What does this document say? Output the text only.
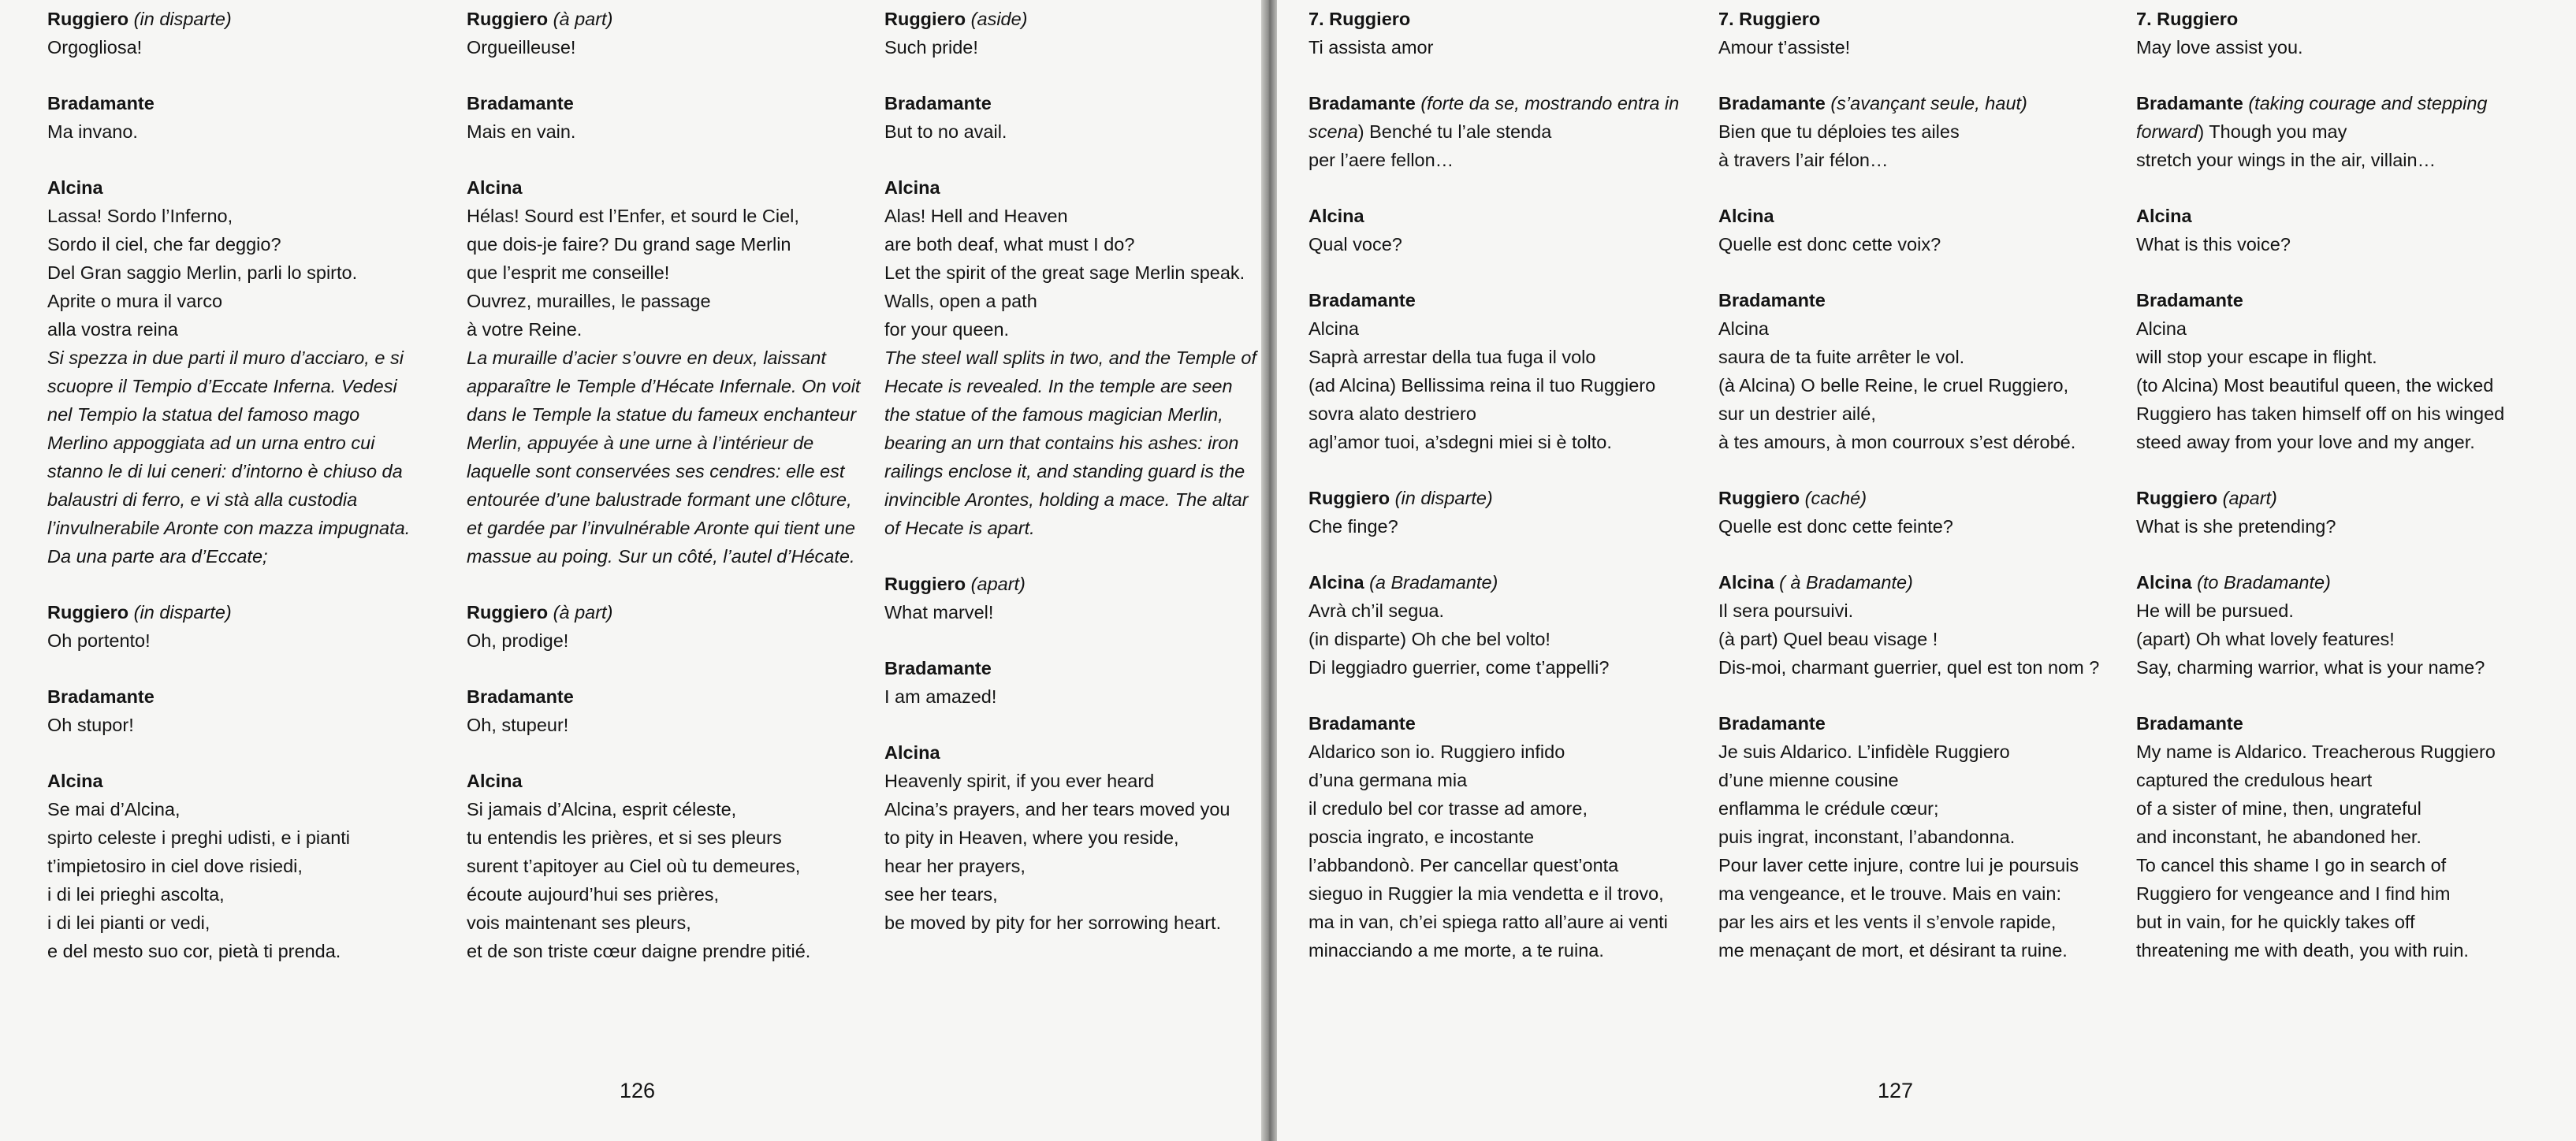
Ruggiero (in disparte)
Orgogliosa!
Bradamante
Ma invano.
Alcina
Lassa! Sordo l’Inferno,
Sordo il ciel, che far deggio?
Del Gran saggio Merlin, parli lo spirto.
Aprite o mura il varco
alla vostra reina
Si spezza in due parti il muro d’acciaro, e si
scuopre il Tempio d’Eccate Inferna. Vedesi
nel Tempio la statua del famoso mago
Merlino appoggiata ad un urna entro cui
stanno le di lui ceneri: d’intorno è chiuso da
balaustri di ferro, e vi stà alla custodia
l’invulnerabile Aronte con mazza impugnata.
Da una parte ara d’Eccate;
Ruggiero (in disparte)
Oh portento!
Bradamante
Oh stupor!
Alcina
Se mai d’Alcina,
spirto celeste i preghi udisti, e i pianti
t’impietosiro in ciel dove risiedi,
i di lei prieghi ascolta,
i di lei pianti or vedi,
e del mesto suo cor, pietà ti prenda.
Ruggiero (à part)
Orgueilleuse!
Bradamante
Mais en vain.
Alcina
Hélas! Sourd est l’Enfer, et sourd le Ciel,
que dois-je faire? Du grand sage Merlin
que l’esprit me conseille!
Ouvrez, murailles, le passage
à votre Reine.
La muraille d’acier s’ouvre en deux, laissant
apparaître le Temple d’Hécate Infernale. On voit
dans le Temple la statue du fameux enchanteur
Merlin, appuyée à une urne à l’intérieur de
laquelle sont conservées ses cendres: elle est
entourée d’une balustrade formant une clôture,
et gardée par l’invulnérable Aronte qui tient une
massue au poing. Sur un côté, l’autel d’Hécate.
Ruggiero (à part)
Oh, prodige!
Bradamante
Oh, stupeur!
Alcina
Si jamais d’Alcina, esprit céleste,
tu entendis les prières, et si ses pleurs
surent t’apitoyer au Ciel où tu demeures,
écoute aujourd’hui ses prières,
vois maintenant ses pleurs,
et de son triste cœur daigne prendre pitié.
Ruggiero (aside)
Such pride!
Bradamante
But to no avail.
Alcina
Alas! Hell and Heaven
are both deaf, what must I do?
Let the spirit of the great sage Merlin speak.
Walls, open a path
for your queen.
The steel wall splits in two, and the Temple of
Hecate is revealed. In the temple are seen
the statue of the famous magician Merlin,
bearing an urn that contains his ashes: iron
railings enclose it, and standing guard is the
invincible Arontes, holding a mace. The altar
of Hecate is apart.
Ruggiero (apart)
What marvel!
Bradamante
I am amazed!
Alcina
Heavenly spirit, if you ever heard
Alcina’s prayers, and her tears moved you
to pity in Heaven, where you reside,
hear her prayers,
see her tears,
be moved by pity for her sorrowing heart.
7. Ruggiero
Ti assista amor
Bradamante (forte da se, mostrando entra in
scena) Benché tu l’ale stenda
per l’aere fellon…
Alcina
Qual voce?
Bradamante
Alcina
Saprà arrestar della tua fuga il volo
(ad Alcina) Bellissima reina il tuo Ruggiero
sovra alato destriero
agl’amor tuoi, a’sdegni miei si è tolto.
Ruggiero (in disparte)
Che finge?
Alcina (a Bradamante)
Avrà ch’il segua.
(in disparte) Oh che bel volto!
Di leggiadro guerrier, come t’appelli?
Bradamante
Aldarico son io. Ruggiero infido
d’una germana mia
il credulo bel cor trasse ad amore,
poscia ingrato, e incostante
l’abbandonò. Per cancellar quest’onta
sieguo in Ruggier la mia vendetta e il trovo,
ma in van, ch’ei spiega ratto all’aure ai venti
minacciando a me morte, a te ruina.
7. Ruggiero
Amour t’assiste!
Bradamante (s’avançant seule, haut)
Bien que tu déploies tes ailes
à travers l’air félon…
Alcina
Quelle est donc cette voix?
Bradamante
Alcina
saura de ta fuite arrêter le vol.
(à Alcina) O belle Reine, le cruel Ruggiero,
sur un destrier ailé,
à tes amours, à mon courroux s’est dérobé.
Ruggiero (caché)
Quelle est donc cette feinte?
Alcina ( à Bradamante)
Il sera poursuivi.
(à part) Quel beau visage !
Dis-moi, charmant guerrier, quel est ton nom ?
Bradamante
Je suis Aldarico. L’infidèle Ruggiero
d’une mienne cousine
enflamma le crédule cœur;
puis ingrat, inconstant, l’abandonna.
Pour laver cette injure, contre lui je poursuis
ma vengeance, et le trouve. Mais en vain:
par les airs et les vents il s’envole rapide,
me menaçant de mort, et désirant ta ruine.
7. Ruggiero
May love assist you.
Bradamante (taking courage and stepping
forward) Though you may
stretch your wings in the air, villain…
Alcina
What is this voice?
Bradamante
Alcina
will stop your escape in flight.
(to Alcina) Most beautiful queen, the wicked
Ruggiero has taken himself off on his winged
steed away from your love and my anger.
Ruggiero (apart)
What is she pretending?
Alcina (to Bradamante)
He will be pursued.
(apart) Oh what lovely features!
Say, charming warrior, what is your name?
Bradamante
My name is Aldarico. Treacherous Ruggiero
captured the credulous heart
of a sister of mine, then, ungrateful
and inconstant, he abandoned her.
To cancel this shame I go in search of
Ruggiero for vengeance and I find him
but in vain, for he quickly takes off
threatening me with death, you with ruin.
126	127
